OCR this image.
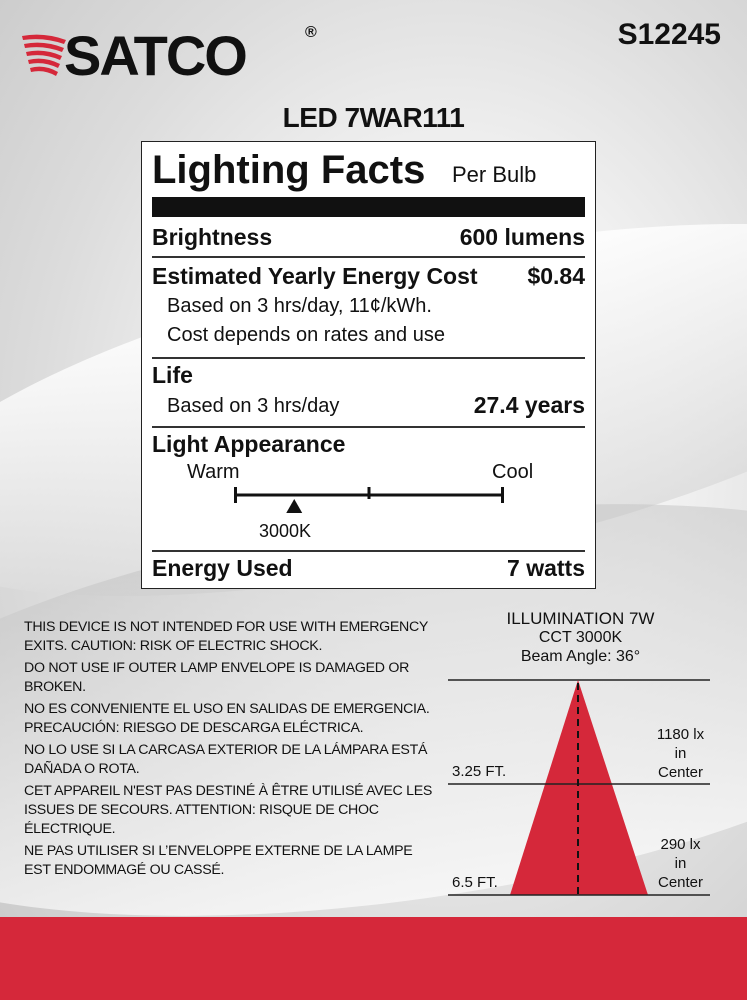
SATCO	®	S12245
LED 7W AR111
Lighting Facts Per Bulb
Brightness	600 lumens
Estimated Yearly Energy Cost $0.84
Based on 3 hrs/day, 11¢/kWh.
Cost depends on rates and use
Life
Based on 3 hrs/day	27.4 years
Light Appearance
Warm	Cool
3000K
Energy Used	7 watts

THIS DEVICE IS NOT INTENDED FOR USE WITH EMERGENCY EXITS. CAUTION: RISK OF ELECTRIC SHOCK.

DO NOT USE IF OUTER LAMP ENVELOPE IS DAMAGED OR BROKEN.

NO ES CONVENIENTE EL USO EN SALIDAS DE EMERGENCIA. PRECAUCIÓN: RIESGO DE DESCARGA ELÉCTRICA.

NO LO USE SI LA CARCASA EXTERIOR DE LA LÁMPARA ESTÁ DAÑADA O ROTA.

CET APPAREIL N'EST PAS DESTINÉ À ÊTRE UTILISÉ AVEC LES ISSUES DE SECOURS. ATTENTION: RISQUE DE CHOC ÉLECTRIQUE.

NE PAS UTILISER SI L’ENVELOPPE EXTERNE DE LA LAMPE EST ENDOMMAGÉ OU CASSÉ.

ILLUMINATION 7W
CCT 3000K
Beam Angle: 36°
3.25 FT.
6.5 FT.
1180 lx
in
Center
290 lx
in
Center
